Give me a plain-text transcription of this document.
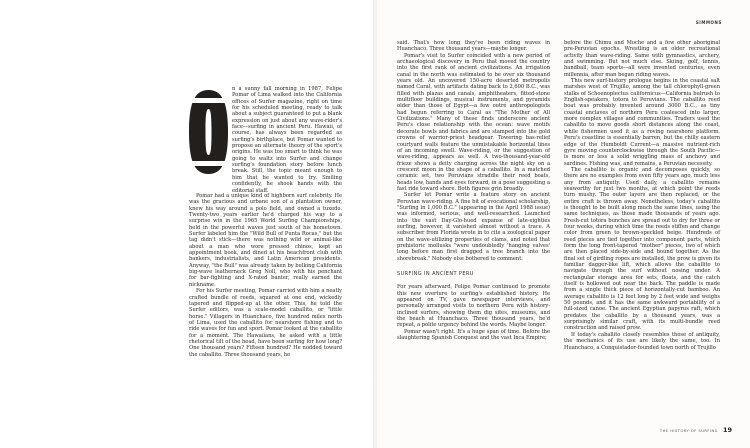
n a sunny fall morning in 1987, Felipe Pomar of Lima walked into the California offices of Surfer magazine, right on time for his scheduled meeting, ready to talk about a subject guaranteed to put a blank expression on just about any wave-rider's face—surfing in ancient Peru. Hawaii, of course, has always been regarded as surfing's birthplace, but Pomar wanted to propose an alternate theory of the sport's origins. He was too smart to think he was going to waltz into Surfer and change surfing's foundation story before lunch break. Still, the topic meant enough to him that he wanted to try. Smiling confidently, he shook hands with the editorial staff.

Pomar had a unique kind of highborn surf celebrity. He was the gracious and urbane son of a plantation owner, knew his way around a polo field, and owned a tuxedo. Twenty-two years earlier he'd charged his way to a surprise win in the 1965 World Surfing Championships, held in the powerful waves just south of his hometown. Surfer labeled him the "Wild Bull of Punta Rocas," but the tag didn't stick—there was nothing wild or animal-like about a man who wore pressed chinos, kept an appointment book, and dined at his beachfront club with bankers, industrialists, and Latin American presidents. Anyway, "the Bull" was already taken by bulking California big-wave leatherneck Greg Noll, who with his penchant for bar-fighting and X-rated banter, really earned the nickname.

For his Surfer meeting, Pomar carried with him a neatly crafted bundle of reeds, squared at one end, wickedly tapered and flipped-up at the other. This, he told the Surfer editors, was a scale-model caballito, or "little horse." Villagers in Huanchaco, five hundred miles north of Lima, used the caballito for nearshore fishing and to ride waves for fun and sport. Pomar looked at the caballito for a moment. The Hawaiians, he asked with a little rhetorical tilt of the head, have been surfing for how long? One thousand years? Fifteen hundred? He nodded toward the caballito. Three thousand years, he

said. That's how long they've been riding waves in Huanchaco. Three thousand years—maybe longer.

Pomar's visit to Surfer coincided with a new period of archaeological discovery in Peru that moved the country into the first rank of ancient civilizations. An irrigation canal in the north was estimated to be over six thousand years old. An uncovered 150-acre deserted metropolis named Caral, with artifacts dating back to 2,600 B.C., was filled with plazas and canals, amphitheaters, fitted-stone multifloor buildings, musical instruments, and pyramids older than those of Egypt—a few outré anthropologists had begun referring to Caral as "The Mother of All Civilizations." Many of these finds underscore ancient Peru's close relationship with the ocean: wave motifs decorate bowls and fabrics and are stamped into the gold crowns of warrior-priest headgear. Towering bas-relief courtyard walls feature the unmistakable horizontal lines of an incoming swell. Wave-riding, or the suggestion of wave-riding, appears as well. A two-thousand-year-old frieze shows a deity charging across the night sky on a crescent moon in the shape of a caballito. In a matched ceramic set, two Peruvians straddle their reed boats, heads low, hands and eyes forward, in a pose suggesting a fast ride toward shore. Both figures grin broadly.

Surfer let Pomar write a feature story on ancient Peruvian wave-riding. A fine bit of evocational scholarship, "Surfing in 1,000 B.C." (appearing in the April 1988 issue) was informed, serious, and well-researched. Launched into the vast Day-Glo-hued expanse of late-eighties surfing, however, it vanished almost without a trace. A subscriber from Florida wrote in to cite a zoological paper on the wave-utilizing properties of clams, and noted that prehistoric mollusks "were undoubtedly 'hanging valves' long before man first dragged a tree branch into the shorebreak." Nobody else bothered to comment.

SURFING IN ANCIENT PERU

For years afterward, Felipe Pomar continued to promote this new overture to surfing's established history. He appeared on TV, gave newspaper interviews, and personally arranged visits to northern Peru with history-inclined surfers, showing them dig sites, museums, and the beach at Huanchaco. Three thousand years, he'd repeat, a polite urgency behind the words. Maybe longer.

Pomar wasn't right. It's a huge span of time. Before the slaughtering Spanish Conquest and the vast Inca Empire;

before the Chimu and Moche and a few other aboriginal pre-Peruvian epochs. Wrestling is an older recreational activity than wave-riding. Same with gymnastics, archery, and swimming. But not much else. Skiing, golf, tennis, handball, team sports—all were invented centuries, even millennia, after man began riding waves.

This new surf-history prologue begins in the coastal salt marshes west of Trujillo, among the tall chlorophyll-green stalks of Schoenoplectus californicus—California bulrush to English-speakers, totora to Peruvians. The caballito reed boat was probably invented around 3000 B.C., as tiny coastal enclaves of northern Peru coalesced into larger, more complex villages and communities. Traders used the caballito to move goods short distances along the coast, while fishermen used it as a roving nearshore platform. Peru's coastline is essentially barren, but the chilly eastern edge of the Humboldt Current—a massive nutrient-rich gyre moving counterclockwise through the South Pacific—is more or less a solid wriggling mass of anchovy and sardines. Fishing was, and remains, a Peruvian necessity.

The caballito is organic and decomposes quickly, so there are no examples from even fifty years ago, much less any from antiquity. Used daily, a caballito remains seaworthy for just two months, at which point the reeds turn mushy. The outer layers are then replaced, or the entire craft is thrown away. Nonetheless, today's caballito is thought to be built along much the same lines, using the same techniques, as those made thousands of years ago. Fresh-cut totora bunches are spread out to dry for three or four weeks, during which time the reeds stiffen and change color from green to brown-speckled beige. Hundreds of reed pieces are tied together into component parts, which form the long front-tapered "mother" pieces, two of which are then placed side-by-side and bound together. As the final set of girdling ropes are installed, the prow is given its familiar dagger-like lift, which allows the caballito to navigate through the surf without nosing under. A rectangular storage area for sets, floats, and the catch itself is hollowed out near the back. The paddle is made from a single thick piece of horizontally-cut bamboo. An average caballito is 12 feet long by 2 feet wide and weighs 50 pounds, and it has the same awkward portability of a full-sized canoe. The ancient Egyptian papyrus raft, which predates the caballito by a thousand years, was a surprisingly similar craft, with its multi-bundle reed construction and raised prow.

If today's caballito closely resembles those of antiquity, the mechanics of its use are likely the same, too. In Huanchaco, a Conquistador-founded town north of Trujillo

SIMMONS
THE HISTORY OF SURFING 19
